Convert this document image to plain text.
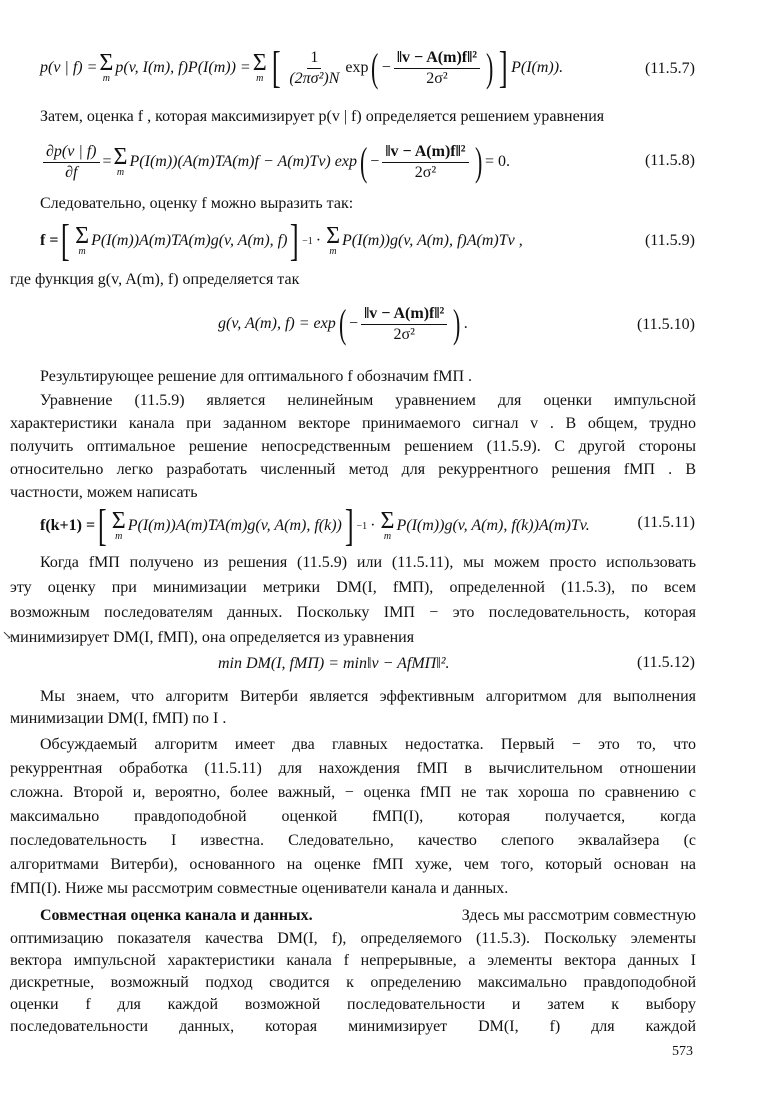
p(v | f) = Σ
m
p(v, I(m), f)P(I(m)) = Σ
m [ $\frac{1}{\text{(2πσ²)N}}$ exp ( − $\frac{\text{‖v − A(m)f‖²}}{\text{2σ²}}$ ) ] P(I(m)).	(11.5.7)
Затем, оценка f , которая максимизирует p(v | f) определяется решением уравнения
$\frac{\partial p(v | f)}{\partial f} = \Sigma$
m
P(I(m))(A(m)TA(m)f − A(m)Tv) exp ( − $\frac{\text{‖v − A(m)f‖²}}{\text{2σ²}}$ ) = 0.	(11.5.8)
Следовательно, оценку f можно выразить так:
f = [ Σ
m
P(I(m))A(m)TA(m)g(v, A(m), f) ] −1 · Σ
m
P(I(m))g(v, A(m), f)A(m)Tv ,	(11.5.9)
где функция g(v, A(m), f) определяется так
g(v, A(m), f) = exp ( − $\frac{\text{‖v − A(m)f‖²}}{\text{2σ²}}$ ) .	(11.5.10)
Результирующее решение для оптимального f обозначим fМП .
Уравнение (11.5.9) является нелинейным уравнением для оценки импульсной
характеристики канала при заданном векторе принимаемого сигнал v . В общем, трудно
получить оптимальное решение непосредственным решением (11.5.9). С другой стороны
относительно легко разработать численный метод для рекуррентного решения fМП . В
частности, можем написать
f(k+1) = [ Σ
m
P(I(m))A(m)TA(m)g(v, A(m), f(k)) ] −1 · Σ
m
P(I(m))g(v, A(m), f(k))A(m)Tv.	(11.5.11)
Когда fМП получено из решения (11.5.9) или (11.5.11), мы можем просто использовать
эту оценку при минимизации метрики DM(I, fМП), определенной (11.5.3), по всем
возможным последователям данных. Поскольку IМП − это последовательность, которая
минимизирует DM(I, fМП), она определяется из уравнения
↘
min DM(I, fМП) = min‖v − AfМП‖².	(11.5.12)
Мы знаем, что алгоритм Витерби является эффективным алгоритмом для выполнения
минимизации DM(I, fМП) по I .
Обсуждаемый алгоритм имеет два главных недостатка. Первый − это то, что
рекуррентная обработка (11.5.11) для нахождения fМП в вычислительном отношении
сложна. Второй и, вероятно, более важный, − оценка fМП не так хороша по сравнению с
максимально правдоподобной оценкой fМП(I), которая получается, когда
последовательность I известна. Следовательно, качество слепого эквалайзера (с
алгоритмами Витерби), основанного на оценке fМП хуже, чем того, который основан на
fМП(I). Ниже мы рассмотрим совместные оцениватели канала и данных.
Совместная оценка канала и данных.	Здесь мы рассмотрим совместную
оптимизацию показателя качества DM(I, f), определяемого (11.5.3). Поскольку элементы
вектора импульсной характеристики канала f непрерывные, а элементы вектора данных I
дискретные, возможный подход сводится к определению максимально правдоподобной
оценки f для каждой возможной последовательности и затем к выбору
последовательности данных, которая минимизирует DM(I, f) для каждой
573
